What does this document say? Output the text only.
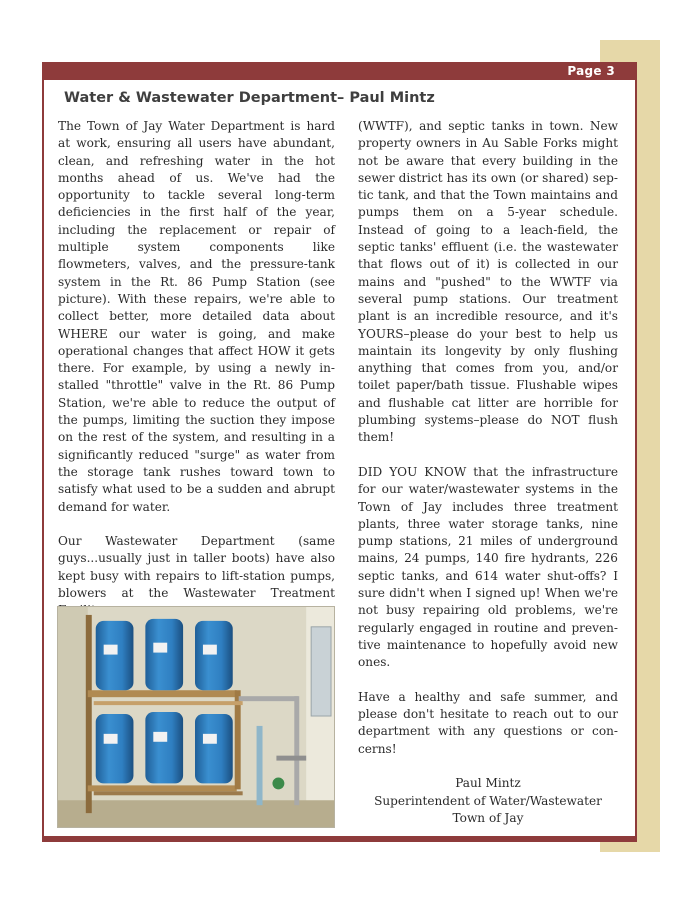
Page 3
Water & Wastewater Department– Paul Mintz

The Town of Jay Water Department is hard at work, ensuring all users have abundant, clean, and refreshing water in the hot months ahead of us. We've had the opportunity to tackle several long-term deficiencies in the first half of the year, including the replacement or repair of multiple system components like flowmeters, valves, and the pressure-tank system in the Rt. 86 Pump Station (see picture). With these repairs, we're able to collect better, more detailed data about WHERE our water is going, and make operational changes that affect HOW it gets there. For example, by using a newly installed "throttle" valve in the Rt. 86 Pump Station, we're able to reduce the output of the pumps, limiting the suction they impose on the rest of the system, and resulting in a significantly reduced "surge" as water from the storage tank rushes toward town to satisfy what used to be a sudden and abrupt demand for water.

Our Wastewater Department (same guys...usually just in taller boots) have also kept busy with repairs to lift-station pumps, blowers at the Wastewater Treatment

(WWTF), and septic tanks in town. New property owners in Au Sable Forks might not be aware that every building in the sewer district has its own (or shared) septic tank, and that the Town maintains and pumps them on a 5-year schedule. Instead of going to a leach-field, the septic tanks' effluent (i.e. the wastewater that flows out of it) is collected in our mains and "pushed" to the WWTF via several pump stations. Our treatment plant is an incredible resource, and it's YOURS–please do your best to help us maintain its longevity by only flushing anything that comes from you, and/or toilet paper/bath tissue. Flushable wipes and flushable cat litter are horrible for plumbing systems–please do NOT flush them!

DID YOU KNOW that the infrastructure for our water/wastewater systems in the Town of Jay includes three treatment plants, three water storage tanks, nine pump stations, 21 miles of underground mains, 24 pumps, 140 fire hydrants, 226 septic tanks, and 614 water shut-offs? I sure didn't when I signed up! When we're not busy repairing old problems, we're regularly engaged in routine and preventive maintenance to hopefully avoid new ones.

Have a healthy and safe summer, and please don't hesitate to reach out to our department with any questions or concerns!

Paul Mintz
Superintendent of Water/Wastewater
Town of Jay
